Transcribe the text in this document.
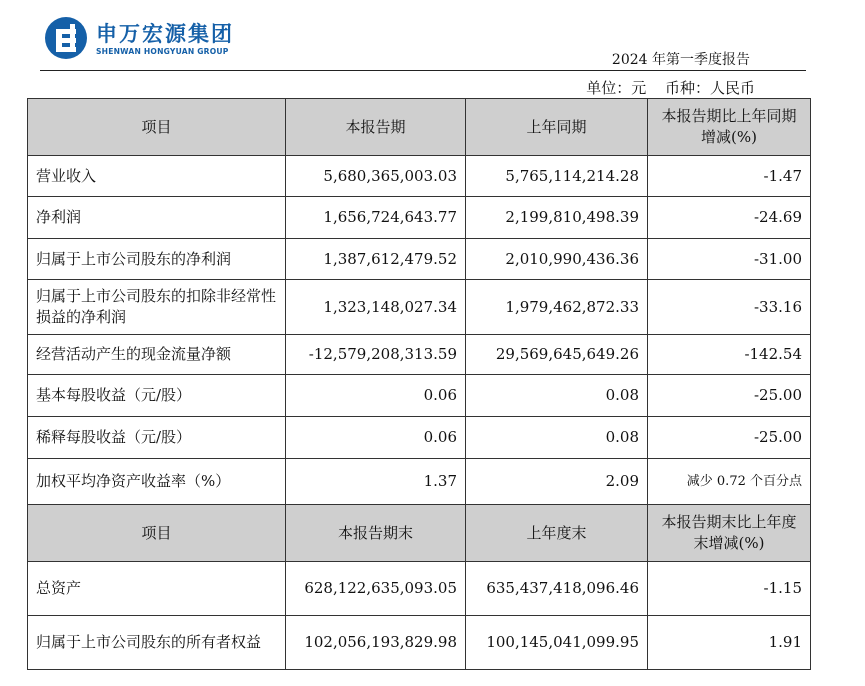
申万宏源集团
SHENWAN HONGYUAN GROUP
2024 年第一季度报告
单位：元 币种：人民币
项目	本报告期	上年同期	本报告期比上年同期增减(%)
营业收入	5,680,365,003.03	5,765,114,214.28	-1.47
净利润	1,656,724,643.77	2,199,810,498.39	-24.69
归属于上市公司股东的净利润	1,387,612,479.52	2,010,990,436.36	-31.00
归属于上市公司股东的扣除非经常性损益的净利润	1,323,148,027.34	1,979,462,872.33	-33.16
经营活动产生的现金流量净额	-12,579,208,313.59	29,569,645,649.26	-142.54
基本每股收益（元/股）	0.06	0.08	-25.00
稀释每股收益（元/股）	0.06	0.08	-25.00
加权平均净资产收益率（%）	1.37	2.09	减少 0.72 个百分点
项目	本报告期末	上年度末	本报告期末比上年度末增减(%)
总资产	628,122,635,093.05	635,437,418,096.46	-1.15
归属于上市公司股东的所有者权益	102,056,193,829.98	100,145,041,099.95	1.91
